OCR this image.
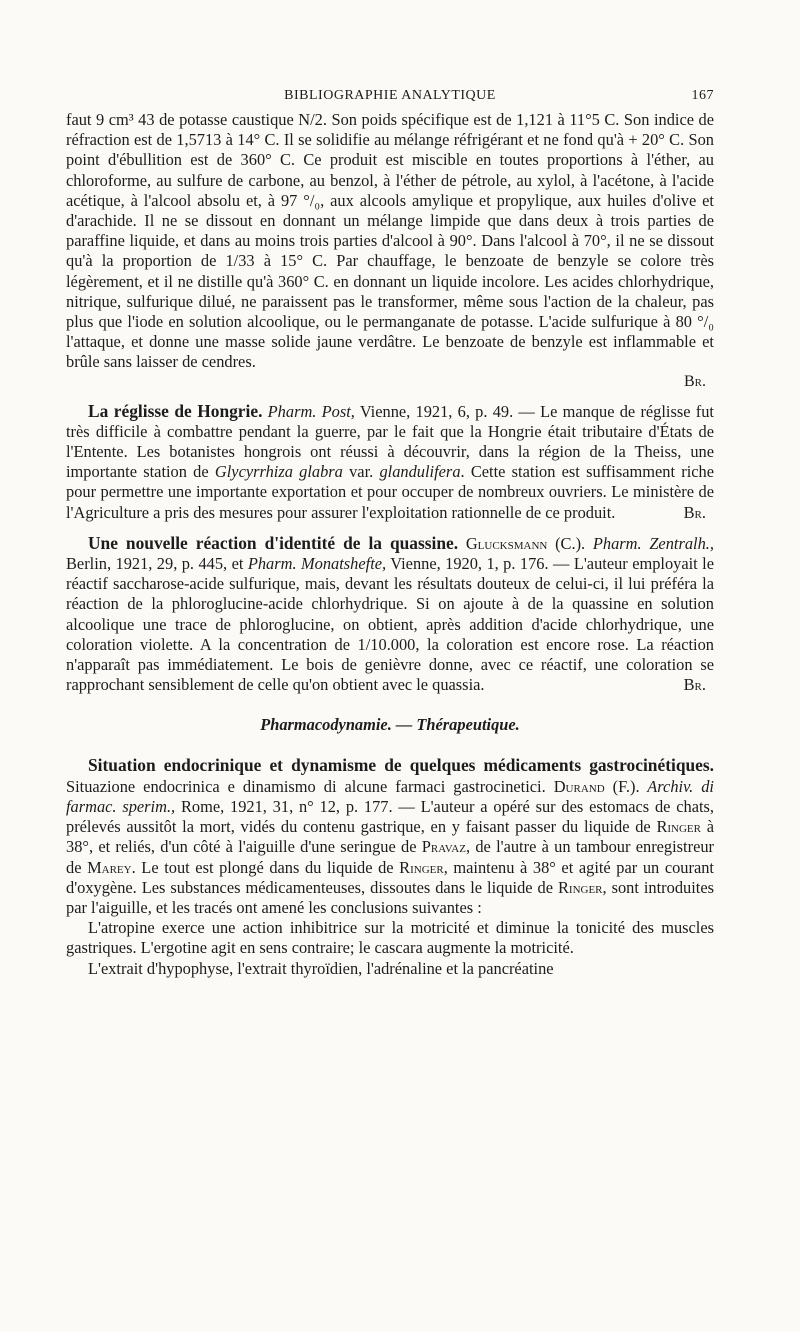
BIBLIOGRAPHIE ANALYTIQUE	167

faut 9 cm³ 43 de potasse caustique N/2. Son poids spécifique est de 1,121 à 11°5 C. Son indice de réfraction est de 1,5713 à 14° C. Il se solidifie au mélange réfrigérant et ne fond qu'à + 20° C. Son point d'ébullition est de 360° C. Ce produit est miscible en toutes proportions à l'éther, au chloroforme, au sulfure de carbone, au benzol, à l'éther de pétrole, au xylol, à l'acétone, à l'acide acétique, à l'alcool absolu et, à 97 °/₀, aux alcools amylique et propylique, aux huiles d'olive et d'arachide. Il ne se dissout en donnant un mélange limpide que dans deux à trois parties de paraffine liquide, et dans au moins trois parties d'alcool à 90°. Dans l'alcool à 70°, il ne se dissout qu'à la proportion de 1/33 à 15° C. Par chauffage, le benzoate de benzyle se colore très légèrement, et il ne distille qu'à 360° C. en donnant un liquide incolore. Les acides chlorhydrique, nitrique, sulfurique dilué, ne paraissent pas le transformer, même sous l'action de la chaleur, pas plus que l'iode en solution alcoolique, ou le permanganate de potasse. L'acide sulfurique à 80 °/₀ l'attaque, et donne une masse solide jaune verdâtre. Le benzoate de benzyle est inflammable et brûle sans laisser de cendres.

Br.

La réglisse de Hongrie. Pharm. Post, Vienne, 1921, 6, p. 49. — Le manque de réglisse fut très difficile à combattre pendant la guerre, par le fait que la Hongrie était tributaire d'États de l'Entente. Les botanistes hongrois ont réussi à découvrir, dans la région de la Theiss, une importante station de Glycyrrhiza glabra var. glandulifera. Cette station est suffisamment riche pour permettre une importante exportation et pour occuper de nombreux ouvriers. Le ministère de l'Agriculture a pris des mesures pour assurer l'exploitation rationnelle de ce produit.	Br.

Une nouvelle réaction d'identité de la quassine. Glucksmann (C.). Pharm. Zentralh., Berlin, 1921, 29, p. 445, et Pharm. Monatshefte, Vienne, 1920, 1, p. 176. — L'auteur employait le réactif saccharose-acide sulfurique, mais, devant les résultats douteux de celui-ci, il lui préféra la réaction de la phloroglucine-acide chlorhydrique. Si on ajoute à de la quassine en solution alcoolique une trace de phloroglucine, on obtient, après addition d'acide chlorhydrique, une coloration violette. A la concentration de 1/10.000, la coloration est encore rose. La réaction n'apparaît pas immédiatement. Le bois de genièvre donne, avec ce réactif, une coloration se rapprochant sensiblement de celle qu'on obtient avec le quassia.	Br.

Pharmacodynamie. — Thérapeutique.

Situation endocrinique et dynamisme de quelques médicaments gastrocinétiques. Situazione endocrinica e dinamismo di alcune farmaci gastrocinetici. Durand (F.). Archiv. di farmac. sperim., Rome, 1921, 31, n° 12, p. 177. — L'auteur a opéré sur des estomacs de chats, prélevés aussitôt la mort, vidés du contenu gastrique, en y faisant passer du liquide de Ringer à 38°, et reliés, d'un côté à l'aiguille d'une seringue de Pravaz, de l'autre à un tambour enregistreur de Marey. Le tout est plongé dans du liquide de Ringer, maintenu à 38° et agité par un courant d'oxygène. Les substances médicamenteuses, dissoutes dans le liquide de Ringer, sont introduites par l'aiguille, et les tracés ont amené les conclusions suivantes :

L'atropine exerce une action inhibitrice sur la motricité et diminue la tonicité des muscles gastriques. L'ergotine agit en sens contraire; le cascara augmente la motricité.

L'extrait d'hypophyse, l'extrait thyroïdien, l'adrénaline et la pancréatine
